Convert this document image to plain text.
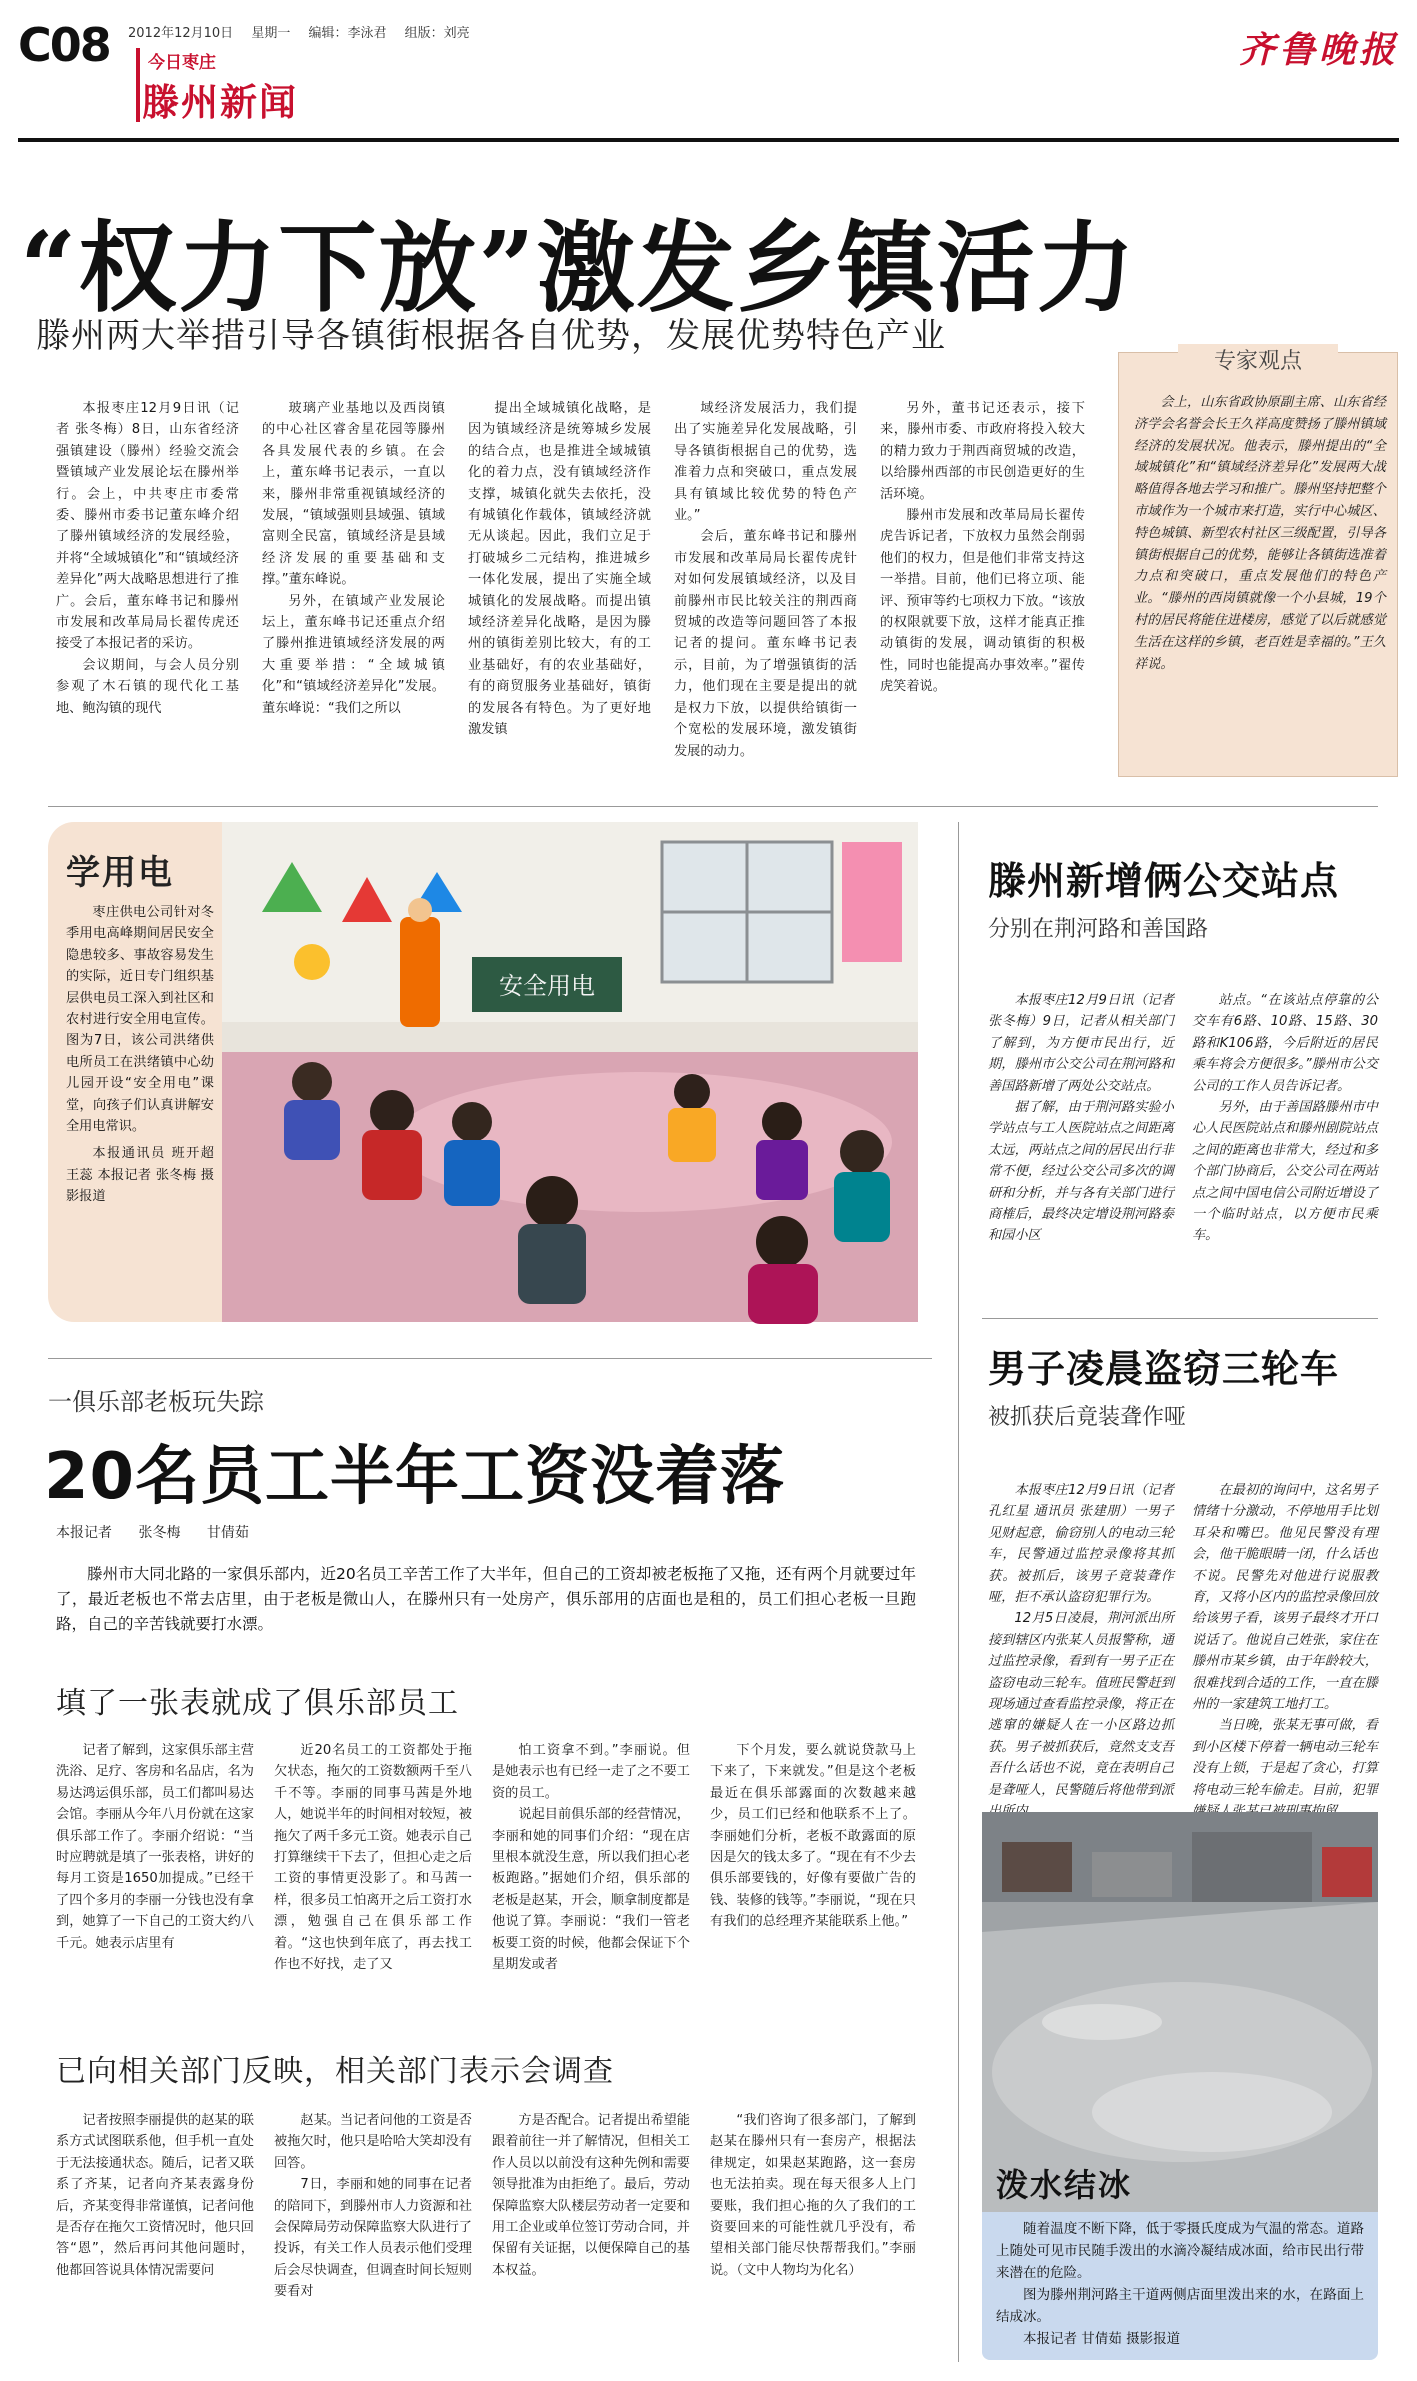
C08 2012年12月10日 星期一 编辑：李泳君 组版：刘亮
今日枣庄
滕州新闻
齐鲁晚报
“权力下放”激发乡镇活力
滕州两大举措引导各镇街根据各自优势，发展优势特色产业

本报枣庄12月9日讯（记者 张冬梅）8日，山东省经济强镇建设（滕州）经验交流会暨镇域产业发展论坛在滕州举行。会上，中共枣庄市委常委、滕州市委书记董东峰介绍了滕州镇域经济的发展经验，并将“全域城镇化”和“镇域经济差异化”两大战略思想进行了推广。会后，董东峰书记和滕州市发展和改革局局长翟传虎还接受了本报记者的采访。

会议期间，与会人员分别参观了木石镇的现代化工基地、鲍沟镇的现代

玻璃产业基地以及西岗镇的中心社区睿舍星花园等滕州各具发展代表的乡镇。在会上，董东峰书记表示，一直以来，滕州非常重视镇域经济的发展，“镇域强则县域强、镇域富则全民富，镇域经济是县域经济发展的重要基础和支撑。”董东峰说。

另外，在镇域产业发展论坛上，董东峰书记还重点介绍了滕州推进镇域经济发展的两大重要举措：“全域城镇化”和“镇域经济差异化”发展。董东峰说：“我们之所以

提出全域城镇化战略，是因为镇域经济是统筹城乡发展的结合点，也是推进全域城镇化的着力点，没有镇域经济作支撑，城镇化就失去依托，没有城镇化作载体，镇域经济就无从谈起。因此，我们立足于打破城乡二元结构，推进城乡一体化发展，提出了实施全域城镇化的发展战略。而提出镇域经济差异化战略，是因为滕州的镇街差别比较大，有的工业基础好，有的农业基础好，有的商贸服务业基础好，镇街的发展各有特色。为了更好地激发镇

域经济发展活力，我们提出了实施差异化发展战略，引导各镇街根据自己的优势，选准着力点和突破口，重点发展具有镇域比较优势的特色产业。”

会后，董东峰书记和滕州市发展和改革局局长翟传虎针对如何发展镇域经济，以及目前滕州市民比较关注的荆西商贸城的改造等问题回答了本报记者的提问。董东峰书记表示，目前，为了增强镇街的活力，他们现在主要是提出的就是权力下放，以提供给镇街一个宽松的发展环境，激发镇街发展的动力。

另外，董书记还表示，接下来，滕州市委、市政府将投入较大的精力致力于荆西商贸城的改造，以给滕州西部的市民创造更好的生活环境。

滕州市发展和改革局局长翟传虎告诉记者，下放权力虽然会削弱他们的权力，但是他们非常支持这一举措。目前，他们已将立项、能评、预审等约七项权力下放。“该放的权限就要下放，这样才能真正推动镇街的发展，调动镇街的积极性，同时也能提高办事效率。”翟传虎笑着说。

专家观点

会上，山东省政协原副主席、山东省经济学会名誉会长王久祥高度赞扬了滕州镇域经济的发展状况。他表示，滕州提出的“全域城镇化”和“镇域经济差异化”发展两大战略值得各地去学习和推广。滕州坚持把整个市域作为一个城市来打造，实行中心城区、特色城镇、新型农村社区三级配置，引导各镇街根据自己的优势，能够让各镇街选准着力点和突破口，重点发展他们的特色产业。“滕州的西岗镇就像一个小县城，19个村的居民将能住进楼房，感觉了以后就感觉生活在这样的乡镇，老百姓是幸福的。”王久祥说。

学用电

枣庄供电公司针对冬季用电高峰期间居民安全隐患较多、事故容易发生的实际，近日专门组织基层供电员工深入到社区和农村进行安全用电宣传。图为7日，该公司洪绪供电所员工在洪绪镇中心幼儿园开设“安全用电”课堂，向孩子们认真讲解安全用电常识。

本报通讯员 班开超 王蕊 本报记者 张冬梅 摄影报道

安全用电
滕州新增俩公交站点
分别在荆河路和善国路

本报枣庄12月9日讯（记者 张冬梅）9日，记者从相关部门了解到，为方便市民出行，近期，滕州市公交公司在荆河路和善国路新增了两处公交站点。

据了解，由于荆河路实验小学站点与工人医院站点之间距离太远，两站点之间的居民出行非常不便，经过公交公司多次的调研和分析，并与各有关部门进行商榷后，最终决定增设荆河路泰和园小区

站点。“在该站点停靠的公交车有6路、10路、15路、30路和K106路，今后附近的居民乘车将会方便很多。”滕州市公交公司的工作人员告诉记者。

另外，由于善国路滕州市中心人民医院站点和滕州剧院站点之间的距离也非常大，经过和多个部门协商后，公交公司在两站点之间中国电信公司附近增设了一个临时站点，以方便市民乘车。

男子凌晨盗窃三轮车
被抓获后竟装聋作哑

本报枣庄12月9日讯（记者 孔红星 通讯员 张建朋）一男子见财起意，偷窃别人的电动三轮车，民警通过监控录像将其抓获。被抓后，该男子竟装聋作哑，拒不承认盗窃犯罪行为。

12月5日凌晨，荆河派出所接到辖区内张某人员报警称，通过监控录像，看到有一男子正在盗窃电动三轮车。值班民警赶到现场通过查看监控录像，将正在逃窜的嫌疑人在一小区路边抓获。男子被抓获后，竟然支支吾吾什么话也不说，竟在表明自己是聋哑人，民警随后将他带到派

在最初的询问中，这名男子情绪十分激动，不停地用手比划耳朵和嘴巴。他见民警没有理会，他干脆眼睛一闭，什么话也不说。民警先对他进行说服教育，又将小区内的监控录像回放给该男子看，该男子最终才开口说话了。他说自己姓张，家住在滕州市某乡镇，由于年龄较大，很难找到合适的工作，一直在滕州的一家建筑工地打工。

当日晚，张某无事可做，看到小区楼下停着一辆电动三轮车没有上锁，于是起了贪心，打算将电动三轮车偷走。目前，犯罪

泼水结冰

随着温度不断下降，低于零摄氏度成为气温的常态。道路上随处可见市民随手泼出的水滴冷凝结成冰面，给市民出行带来潜在的危险。

图为滕州荆河路主干道两侧店面里泼出来的水，在路面上结成冰。

本报记者 甘倩茹 摄影报道

一俱乐部老板玩失踪
20名员工半年工资没着落
本报记者 张冬梅 甘倩茹
滕州市大同北路的一家俱乐部内，近20名员工辛苦工作了大半年，但自己的工资却被老板拖了又拖，还有两个月就要过年了，最近老板也不常去店里，由于老板是微山人，在滕州只有一处房产，俱乐部用的店面也是租的，员工们担心老板一旦跑路，自己的辛苦钱就要打水漂。
填了一张表就成了俱乐部员工

记者了解到，这家俱乐部主营洗浴、足疗、客房和名品店，名为易达鸿运俱乐部，员工们都叫易达会馆。李丽从今年八月份就在这家俱乐部工作了。李丽介绍说：“当时应聘就是填了一张表格，讲好的每月工资是1650加提成。”已经干了四个多月的李丽一分钱也没有拿到，她算了一下自己的工资大约八千元。她表示店里有

近20名员工的工资都处于拖欠状态，拖欠的工资数额两千至八千不等。李丽的同事马茜是外地人，她说半年的时间相对较短，被拖欠了两千多元工资。她表示自己打算继续干下去了，但担心走之后工资的事情更没影了。和马茜一样，很多员工怕离开之后工资打水漂，勉强自己在俱乐部工作着。“这也快到年底了，再去找工作也不好找，走了又

怕工资拿不到。”李丽说。但是她表示也有已经一走了之不要工资的员工。

说起目前俱乐部的经营情况，李丽和她的同事们介绍：“现在店里根本就没生意，所以我们担心老板跑路。”据她们介绍，俱乐部的老板是赵某，开会，顺拿制度都是他说了算。李丽说：“我们一管老板要工资的时候，他都会保证下个星期发或者

下个月发，要么就说贷款马上下来了，下来就发。”但是这个老板最近在俱乐部露面的次数越来越少，员工们已经和他联系不上了。李丽她们分析，老板不敢露面的原因是欠的钱太多了。“现在有不少去俱乐部要钱的，好像有要做广告的钱、装修的钱等。”李丽说，“现在只有我们的总经理齐某能联系上他。”

已向相关部门反映，相关部门表示会调查

记者按照李丽提供的赵某的联系方式试图联系他，但手机一直处于无法接通状态。随后，记者又联系了齐某，记者向齐某表露身份后，齐某变得非常谨慎，记者问他是否存在拖欠工资情况时，他只回答“恩”，然后再问其他问题时，他都回答说具体情况需要问

赵某。当记者问他的工资是否被拖欠时，他只是哈哈大笑却没有回答。

7日，李丽和她的同事在记者的陪同下，到滕州市人力资源和社会保障局劳动保障监察大队进行了投诉，有关工作人员表示他们受理后会尽快调查，但调查时间长短则要看对

方是否配合。记者提出希望能跟着前往一并了解情况，但相关工作人员以以前没有这种先例和需要领导批准为由拒绝了。最后，劳动保障监察大队楼层劳动者一定要和用工企业或单位签订劳动合同，并保留有关证据，以便保障自己的基本权益。

“我们咨询了很多部门，了解到赵某在滕州只有一套房产，根据法律规定，如果赵某跑路，这一套房也无法拍卖。现在每天很多人上门要账，我们担心拖的久了我们的工资要回来的可能性就几乎没有，希望相关部门能尽快帮帮我们。”李丽说。（文中人物均为化名）
